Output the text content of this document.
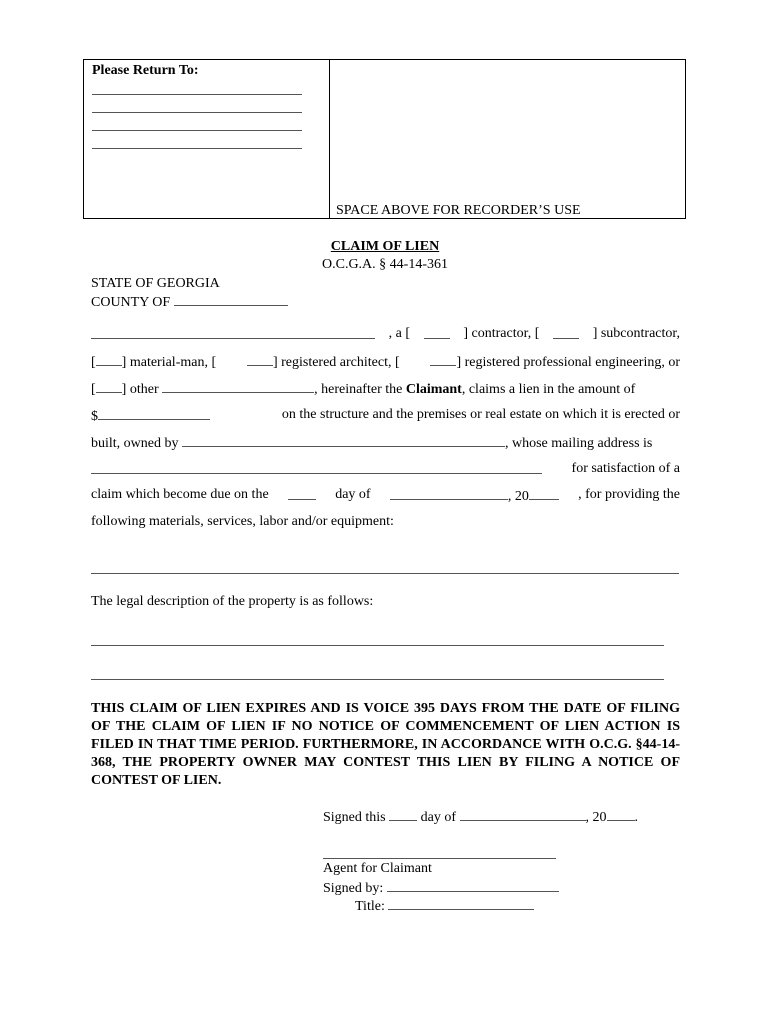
Please Return To:
SPACE ABOVE FOR RECORDER’S USE
CLAIM OF LIEN
O.C.G.A. § 44-14-361
STATE OF GEORGIA
COUNTY OF
, a [	] contractor, [	] subcontractor,
[ ] material-man, [	] registered architect, [	] registered professional engineering, or
[ ] other	, hereinafter the Claimant, claims a lien in the amount of
$	on the structure and the premises or real estate on which it is erected or
built, owned by	, whose mailing address is
for satisfaction of a
claim which become due on the	day of	, 20	, for providing the
following materials, services, labor and/or equipment:
The legal description of the property is as follows:
THIS CLAIM OF LIEN EXPIRES AND IS VOICE 395 DAYS FROM THE DATE OF FILING OF THE CLAIM OF LIEN IF NO NOTICE OF COMMENCEMENT OF LIEN ACTION IS FILED IN THAT TIME PERIOD. FURTHERMORE, IN ACCORDANCE WITH O.C.G. §44-14-368, THE PROPERTY OWNER MAY CONTEST THIS LIEN BY FILING A NOTICE OF CONTEST OF LIEN.
Signed this	day of	, 20 .
Agent for Claimant
Signed by:
Title:
